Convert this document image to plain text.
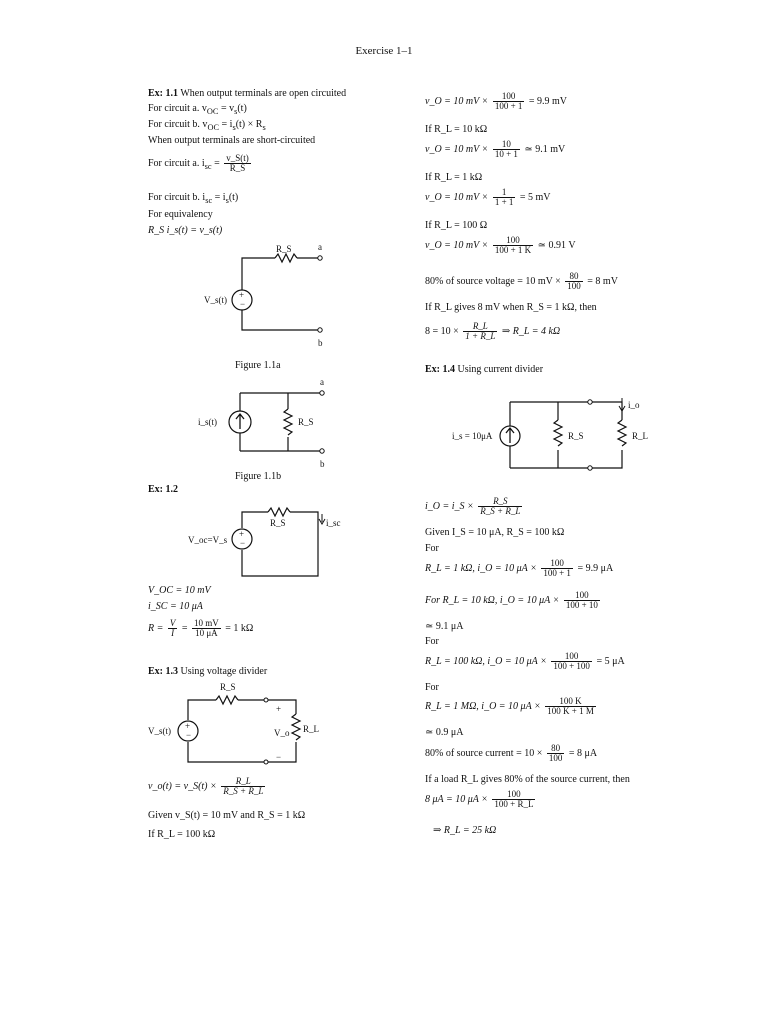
Exercise 1–1
Ex: 1.1 When output terminals are open circuited
For circuit a. $v_{OC} = v_s(t)$
For circuit b. $v_{OC} = i_s(t) \times R_s$
When output terminals are short-circuited
For circuit a. $i_{sc} = \frac{v\_S(t)}{R\_S}$
For circuit b. $i_{sc} = i_s(t)$
For equivalency
R_S i_s(t) = v_s(t)
+
−
R_S	a
b
V_s(t)
Figure 1.1a
i_s(t)	R_S
a
b
Figure 1.1b
Ex: 1.2
+
−
R_S	i_sc
V_oc=V_s
V_OC = 10 mV
i_SC = 10 μA
$R = \frac{V}{I} = \frac{10 mV}{10 \mu A} = 1$ kΩ
Ex: 1.3 Using voltage divider
+
−
R_S
V_s(t)	V_o R_L
+
−
v_o(t) = v_S(t) × $\frac{R\_L}{R\_S + R\_L}$
Given v_S(t) = 10 mV and R_S = 1 kΩ
If R_L = 100 kΩ
v_O = 10 mV × $\frac{100}{100 + 1} = 9.9$ mV
If R_L = 10 kΩ
v_O = 10 mV × $\frac{10}{10 + 1}$ ≃ 9.1 mV
If R_L = 1 kΩ
v_O = 10 mV × $\frac{1}{1 + 1} = 5$ mV
If R_L = 100 Ω
v_O = 10 mV × $\frac{100}{100 + 1 K}$ ≃ 0.91 V
80% of source voltage = 10 mV × $\frac{80}{100} = 8$ mV
If R_L gives 8 mV when R_S = 1 kΩ, then
$8 = 10 \times \frac{R\_L}{1 + R\_L}$ ⇒ R_L = 4 kΩ
Ex: 1.4 Using current divider
i_s = 10μA	R_S	R_L
i_o
i_O = i_S × $\frac{R\_S}{R\_S + R\_L}$
Given I_S = 10 μA, R_S = 100 kΩ
For
R_L = 1 kΩ, i_O = 10 $\mu A \times \frac{100}{100 + 1} = 9.9$ μA
For R_L = 10 kΩ, i_O = 10 $\mu A \times \frac{100}{100 + 10}$
≃ 9.1 μA
For
R_L = 100 kΩ, i_O = 10 $\mu A \times \frac{100}{100 + 100} = 5$ μA
For
R_L = 1 MΩ, i_O = 10 $\mu A \times \frac{100 K}{100 K + 1 M}$
≃ 0.9 μA
80% of source current = $10 \times \frac{80}{100} = 8$ μA
If a load R_L gives 80% of the source current, then
8 μA = 10 $\mu A \times \frac{100}{100 + R\_L}$
⇒ R_L = 25 kΩ
